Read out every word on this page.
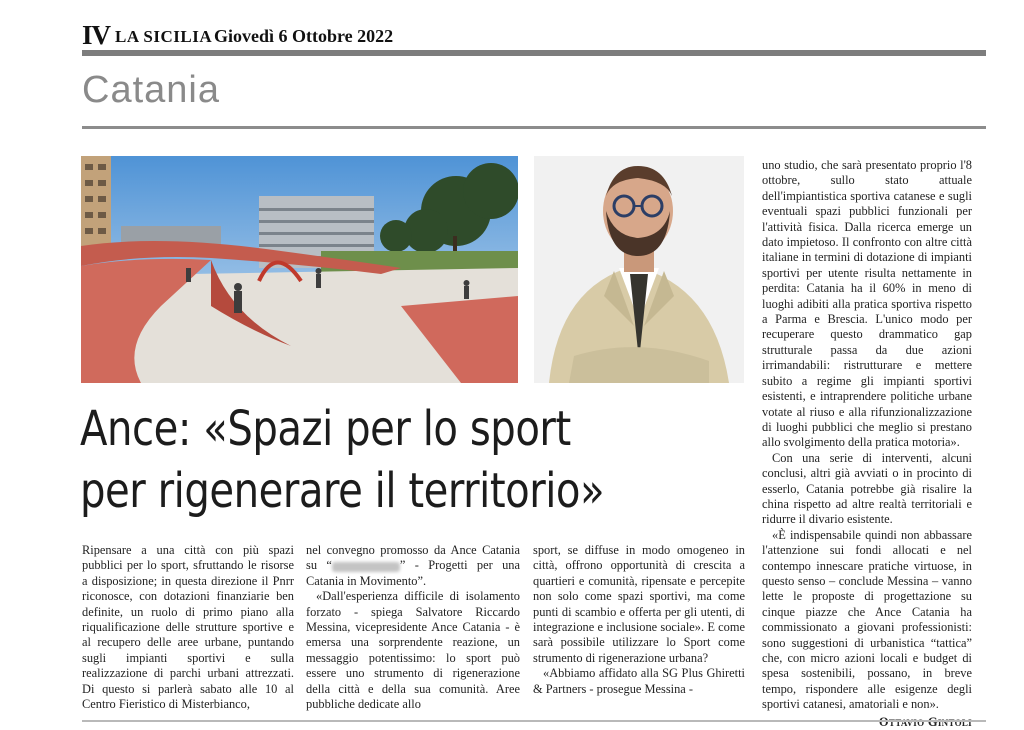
IV LA SICILIA Giovedì 6 Ottobre 2022
Catania
Ance: «Spazi per lo sport
per rigenerare il territorio»

Ripensare a una città con più spazi pubblici per lo sport, sfruttando le risorse a disposizione; in questa direzione il Pnrr riconosce, con dotazioni finanziarie ben definite, un ruolo di primo piano alla riqualificazione delle strutture sportive e al recupero delle aree urbane, puntando sugli impianti sportivi e sulla realizzazione di parchi urbani attrezzati. Di questo si parlerà sabato alle 10 al Centro Fieristico di Misterbianco,

nel convegno promosso da Ance Catania su “	” - Progetti per una Catania in Movimento”.

«Dall'esperienza difficile di isolamento forzato - spiega Salvatore Riccardo Messina, vicepresidente Ance Catania - è emersa una sorprendente reazione, un messaggio potentissimo: lo sport può essere uno strumento di rigenerazione della città e della sua comunità. Aree pubbliche dedicate allo

sport, se diffuse in modo omogeneo in città, offrono opportunità di crescita a quartieri e comunità, ripensate e percepite non solo come spazi sportivi, ma come punti di scambio e offerta per gli utenti, di integrazione e inclusione sociale». E come sarà possibile utilizzare lo Sport come strumento di rigenerazione urbana?

«Abbiamo affidato alla SG Plus Ghiretti & Partners - prosegue Messina -

uno studio, che sarà presentato proprio l'8 ottobre, sullo stato attuale dell'impiantistica sportiva catanese e sugli eventuali spazi pubblici funzionali per l'attività fisica. Dalla ricerca emerge un dato impietoso. Il confronto con altre città italiane in termini di dotazione di impianti sportivi per utente risulta nettamente in perdita: Catania ha il 60% in meno di luoghi adibiti alla pratica sportiva rispetto a Parma e Brescia. L'unico modo per recuperare questo drammatico gap strutturale passa da due azioni irrimandabili: ristrutturare e mettere subito a regime gli impianti sportivi esistenti, e intraprendere politiche urbane votate al riuso e alla rifunzionalizzazione di luoghi pubblici che meglio si prestano allo svolgimento della pratica motoria».

Con una serie di interventi, alcuni conclusi, altri già avviati o in procinto di esserlo, Catania potrebbe già risalire la china rispetto ad altre realtà territoriali e ridurre il divario esistente.

«È indispensabile quindi non abbassare l'attenzione sui fondi allocati e nel contempo innescare pratiche virtuose, in questo senso – conclude Messina – vanno lette le proposte di progettazione su cinque piazze che Ance Catania ha commissionato a giovani professionisti: sono suggestioni di urbanistica “tattica” che, con micro azioni locali e budget di spesa sostenibili, possano, in breve tempo, rispondere alle esigenze degli sportivi catanesi, amatoriali e non».
